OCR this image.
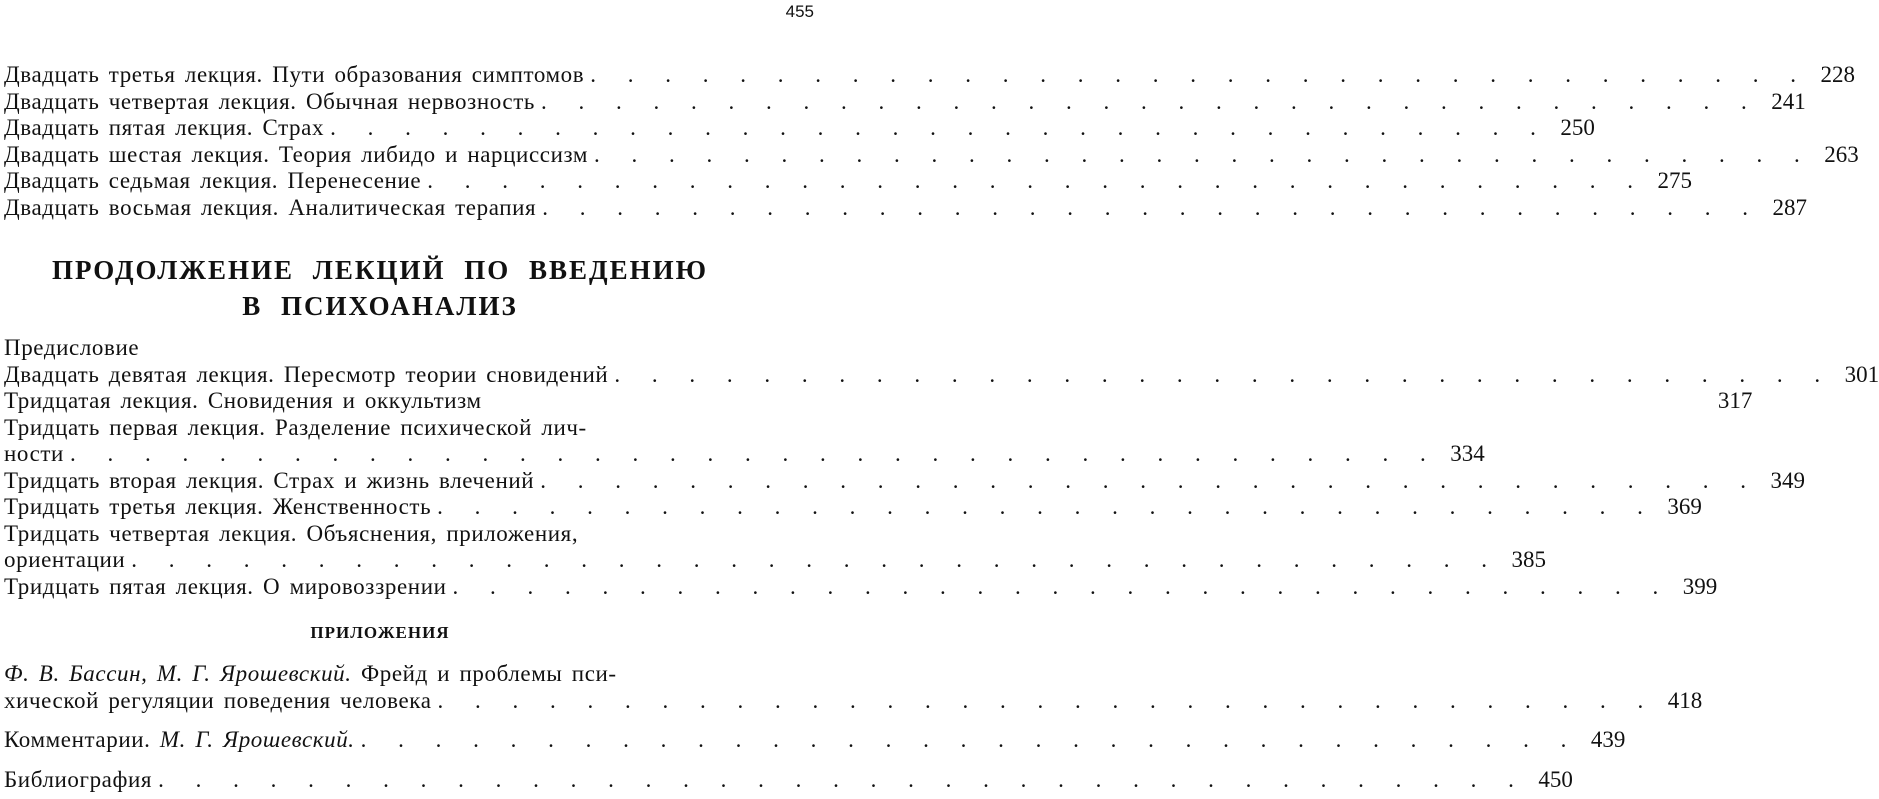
455
Двадцать третья лекция. Пути образования симптомов . . . . . . . . . . . . . . . . . . . . . . . . . . . . . . . . . 228
Двадцать четвертая лекция. Обычная нервозность . . . . . . . . . . . . . . . . . . . . . . . . . . . . . . . . . 241
Двадцать пятая лекция. Страх . . . . . . . . . . . . . . . . . . . . . . . . . . . . . . . . . 250
Двадцать шестая лекция. Теория либидо и нарциссизм . . . . . . . . . . . . . . . . . . . . . . . . . . . . . . . . . 263
Двадцать седьмая лекция. Перенесение . . . . . . . . . . . . . . . . . . . . . . . . . . . . . . . . . 275
Двадцать восьмая лекция. Аналитическая терапия . . . . . . . . . . . . . . . . . . . . . . . . . . . . . . . . . 287
ПРОДОЛЖЕНИЕ ЛЕКЦИЙ ПО ВВЕДЕНИЮ
В ПСИХОАНАЛИЗ
Предисловие
Двадцать девятая лекция. Пересмотр теории сновидений . . . . . . . . . . . . . . . . . . . . . . . . . . . . . . . . . 301
Тридцатая лекция. Сновидения и оккультизм	317
Тридцать первая лекция. Разделение психической лич-
ности . . . . . . . . . . . . . . . . . . . . . . . . . . . . . . . . . . . . . 334
Тридцать вторая лекция. Страх и жизнь влечений . . . . . . . . . . . . . . . . . . . . . . . . . . . . . . . . . 349
Тридцать третья лекция. Женственность . . . . . . . . . . . . . . . . . . . . . . . . . . . . . . . . . 369
Тридцать четвертая лекция. Объяснения, приложения,
ориентации . . . . . . . . . . . . . . . . . . . . . . . . . . . . . . . . . . . . . 385
Тридцать пятая лекция. О мировоззрении . . . . . . . . . . . . . . . . . . . . . . . . . . . . . . . . . 399
ПРИЛОЖЕНИЯ
Ф. В. Бассин, М. Г. Ярошевский. Фрейд и проблемы пси-
хической регуляции поведения человека . . . . . . . . . . . . . . . . . . . . . . . . . . . . . . . . . 418
Комментарии. М. Г. Ярошевский. . . . . . . . . . . . . . . . . . . . . . . . . . . . . . . . . . 439
Библиография . . . . . . . . . . . . . . . . . . . . . . . . . . . . . . . . . . . . . 450
